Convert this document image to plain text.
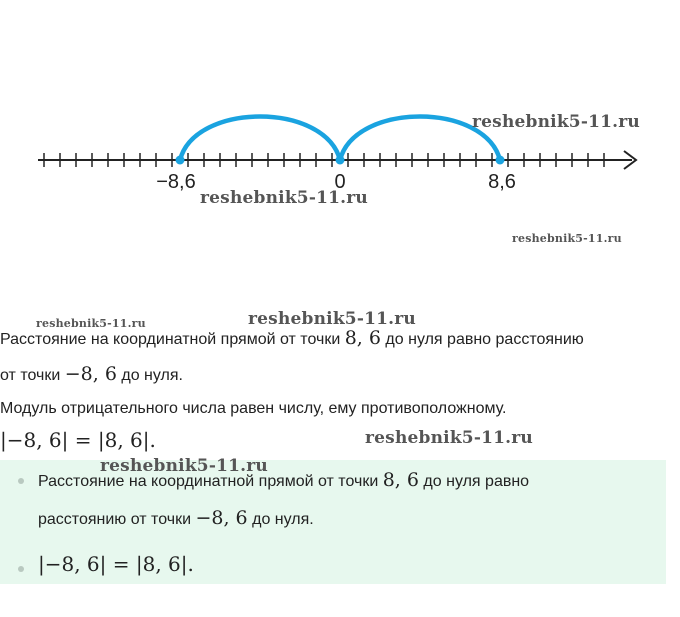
−8,6	0	8,6
reshebnik5-11.ru
reshebnik5-11.ru
reshebnik5-11.ru
reshebnik5-11.ru
reshebnik5-11.ru
reshebnik5-11.ru
Расстояние на координатной прямой от точки 8, 6 до нуля равно расстоянию
от точки −8, 6 до нуля.
Модуль отрицательного числа равен числу, ему противоположному.
|−8, 6| = |8, 6|.
Расстояние на координатной прямой от точки 8, 6 до нуля равно
расстоянию от точки −8, 6 до нуля.
|−8, 6| = |8, 6|.
reshebnik5-11.ru
